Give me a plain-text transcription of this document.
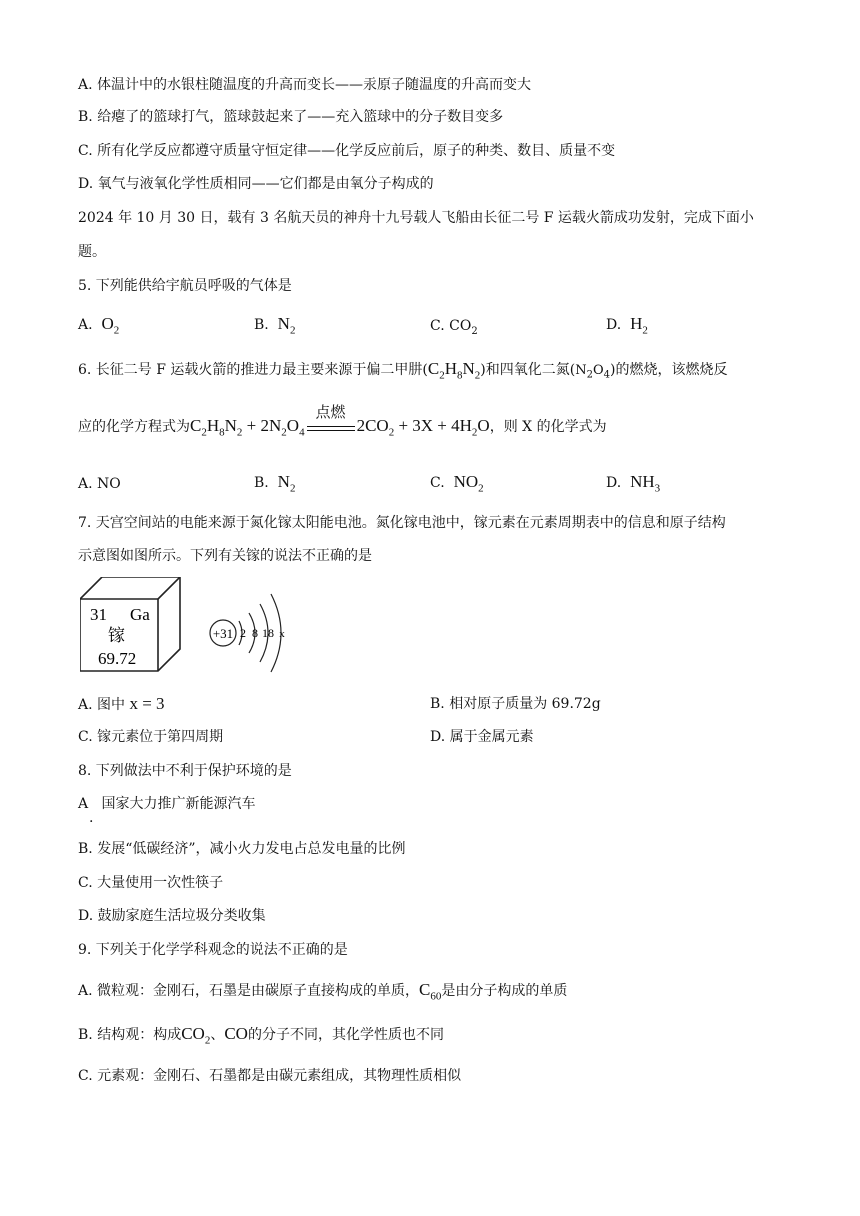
A. 体温计中的水银柱随温度的升高而变长——汞原子随温度的升高而变大
B. 给瘪了的篮球打气，篮球鼓起来了——充入篮球中的分子数目变多
C. 所有化学反应都遵守质量守恒定律——化学反应前后，原子的种类、数目、质量不变
D. 氧气与液氧化学性质相同——它们都是由氧分子构成的
2024 年 10 月 30 日，载有 3 名航天员的神舟十九号载人飞船由长征二号 F 运载火箭成功发射，完成下面小
题。
5. 下列能供给宇航员呼吸的气体是
A. $O_2$	B. $N_2$	C. $CO_2$	D. $H_2$
6. 长征二号 F 运载火箭的推进力最主要来源于偏二甲肼$(C_2H_8N_2)$和四氧化二氮$(N_2O_4)$的燃烧，该燃烧反
应的化学方程式为$C_2H_8N_2 + 2N_2O_4$
点燃
$2CO_2 + 3X + 4H_2O$，则 X 的化学式为
A. NO	B. $N_2$	C. $NO_2$	D. $NH_3$
7. 天宫空间站的电能来源于氮化镓太阳能电池。氮化镓电池中，镓元素在元素周期表中的信息和原子结构
示意图如图所示。下列有关镓的说法不正确的是
31 Ga
镓
69.72
+31 2 8 18 x
A. 图中 x = 3	B. 相对原子质量为 69.72g
C. 镓元素位于第四周期	D. 属于金属元素
8. 下列做法中不利于保护环境的是
A 国家大力推广新能源汽车
.
B. 发展“低碳经济”，减小火力发电占总发电量的比例
C. 大量使用一次性筷子
D. 鼓励家庭生活垃圾分类收集
9. 下列关于化学学科观念的说法不正确的是
A. 微粒观：金刚石，石墨是由碳原子直接构成的单质，$C_{60}$是由分子构成的单质
B. 结构观：构成$CO_2$、CO的分子不同，其化学性质也不同
C. 元素观：金刚石、石墨都是由碳元素组成，其物理性质相似
